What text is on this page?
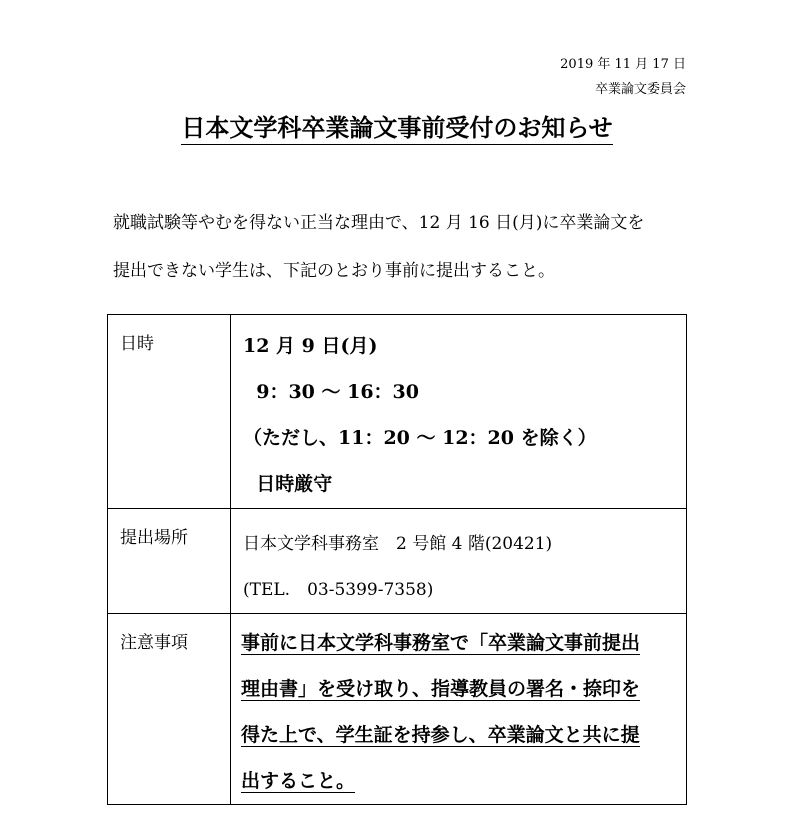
2019 年 11 月 17 日
卒業論文委員会
日本文学科卒業論文事前受付のお知らせ
就職試験等やむを得ない正当な理由で、12 月 16 日(月)に卒業論文を
提出できない学生は、下記のとおり事前に提出すること。
日時	12 月 9 日(月)
9：30 ～ 16：30
（ただし、11：20 ～ 12：20 を除く）
日時厳守

提出場所	日本文学科事務室　2 号館 4 階(20421)
(TEL.　03-5399-7358)

注意事項	事前に日本文学科事務室で「卒業論文事前提出
理由書」を受け取り、指導教員の署名・捺印を
得た上で、学生証を持参し、卒業論文と共に提
出すること。
